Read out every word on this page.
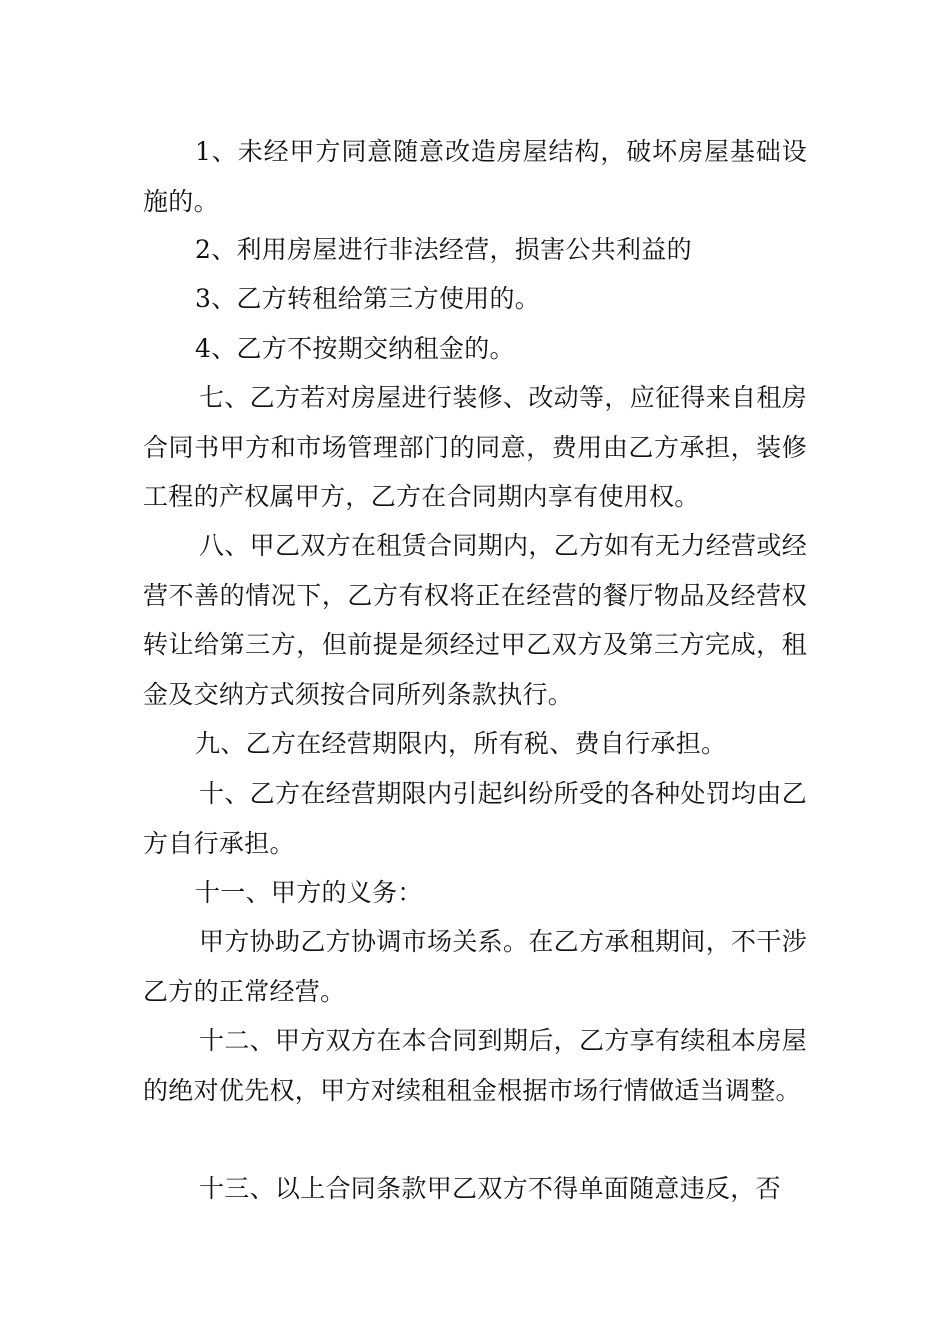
1、未经甲方同意随意改造房屋结构，破坏房屋基础设施的。

2、利用房屋进行非法经营，损害公共利益的

3、乙方转租给第三方使用的。

4、乙方不按期交纳租金的。

七、乙方若对房屋进行装修、改动等，应征得来自租房合同书甲方和市场管理部门的同意，费用由乙方承担，装修工程的产权属甲方，乙方在合同期内享有使用权。

八、甲乙双方在租赁合同期内，乙方如有无力经营或经营不善的情况下，乙方有权将正在经营的餐厅物品及经营权转让给第三方，但前提是须经过甲乙双方及第三方完成，租金及交纳方式须按合同所列条款执行。

九、乙方在经营期限内，所有税、费自行承担。

十、乙方在经营期限内引起纠纷所受的各种处罚均由乙方自行承担。

十一、甲方的义务：

甲方协助乙方协调市场关系。在乙方承租期间，不干涉乙方的正常经营。

十二、甲方双方在本合同到期后，乙方享有续租本房屋的绝对优先权，甲方对续租租金根据市场行情做适当调整。

十三、以上合同条款甲乙双方不得单面随意违反，否
